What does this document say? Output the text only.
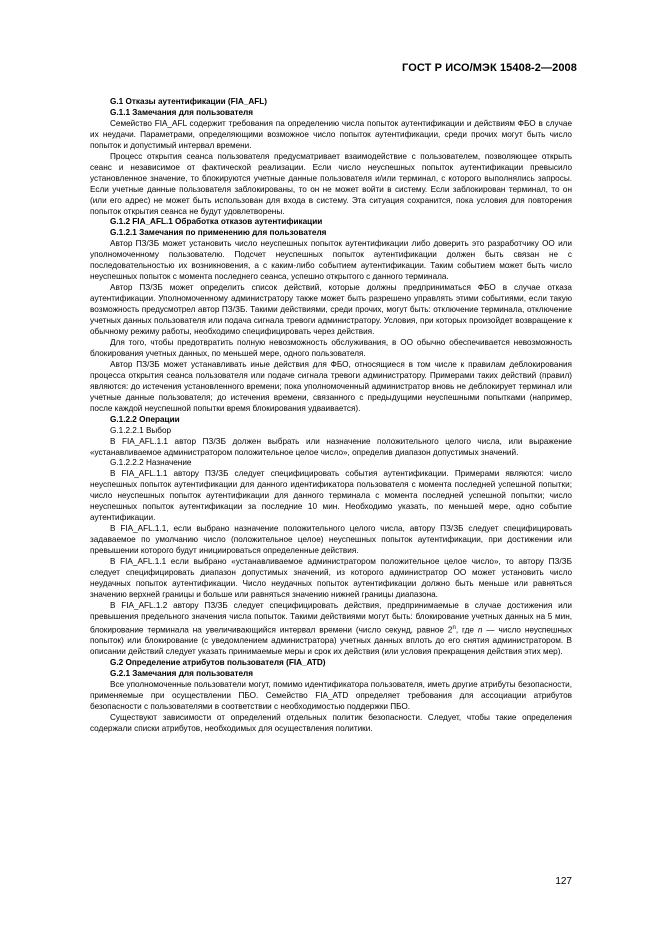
ГОСТ Р ИСО/МЭК 15408-2—2008

G.1 Отказы аутентификации (FIA_AFL)

G.1.1 Замечания для пользователя

Семейство FIA_AFL содержит требования па определению числа попыток аутентификации и действиям ФБО в случае их неудачи. Параметрами, определяющими возможное число попыток аутентификации, среди прочих могут быть число попыток и допустимый интервал времени.

Процесс открытия сеанса пользователя предусматривает взаимодействие с пользователем, позволяющее открыть сеанс и независимое от фактической реализации. Если число неуспешных попыток аутентификации превысило установленное значение, то блокируются учетные данные пользователя и/или терминал, с которого выполнялись запросы. Если учетные данные пользователя заблокированы, то он не может войти в систему. Если заблокирован терминал, то он (или его адрес) не может быть использован для входа в систему. Эта ситуация сохранится, пока условия для повторения попыток открытия сеанса не будут удовлетворены.

G.1.2 FIA_AFL.1 Обработка отказов аутентификации

G.1.2.1 Замечания по применению для пользователя

Автор ПЗ/ЗБ может установить число неуспешных попыток аутентификации либо доверить это разработчику ОО или уполномоченному пользователю. Подсчет неуспешных попыток аутентификации должен быть связан не с последовательностью их возникновения, а с каким-либо событием аутентификации. Таким событием может быть число неуспешных попыток с момента последнего сеанса, успешно открытого с данного терминала.

Автор ПЗ/ЗБ может определить список действий, которые должны предприниматься ФБО в случае отказа аутентификации. Уполномоченному администратору также может быть разрешено управлять этими событиями, если такую возможность предусмотрел автор ПЗ/ЗБ. Такими действиями, среди прочих, могут быть: отключение терминала, отключение учетных данных пользователя или подача сигнала тревоги администратору. Условия, при которых произойдет возвращение к обычному режиму работы, необходимо специфицировать через действия.

Для того, чтобы предотвратить полную невозможность обслуживания, в ОО обычно обеспечивается невозможность блокирования учетных данных, по меньшей мере, одного пользователя.

Автор ПЗ/ЗБ может устанавливать иные действия для ФБО, относящиеся в том числе к правилам деблокирования процесса открытия сеанса пользователя или подаче сигнала тревоги администратору. Примерами таких действий (правил) являются: до истечения установленного времени; пока уполномоченный администратор вновь не деблокирует терминал или учетные данные пользователя; до истечения времени, связанного с предыдущими неуспешными попытками (например, после каждой неуспешной попытки время блокирования удваивается).

G.1.2.2 Операции

G.1.2.2.1 Выбор

В FIA_AFL.1.1 автор ПЗ/ЗБ должен выбрать или назначение положительного целого числа, или выражение «устанавливаемое администратором положительное целое число», определив диапазон допустимых значений.

G.1.2.2.2 Назначение

В FIA_AFL.1.1 автору ПЗ/ЗБ следует специфицировать события аутентификации. Примерами являются: число неуспешных попыток аутентификации для данного идентификатора пользователя с момента последней успешной попытки; число неуспешных попыток аутентификации для данного терминала с момента последней успешной попытки; число неуспешных попыток аутентификации за последние 10 мин. Необходимо указать, по меньшей мере, одно событие аутентификации.

В FIA_AFL.1.1, если выбрано назначение положительного целого числа, автору ПЗ/ЗБ следует специфицировать задаваемое по умолчанию число (положительное целое) неуспешных попыток аутентификации, при достижении или превышении которого будут инициироваться определенные действия.

В FIA_AFL.1.1 если выбрано «устанавливаемое администратором положительное целое число», то автору ПЗ/ЗБ следует специфицировать диапазон допустимых значений, из которого администратор ОО может установить число неудачных попыток аутентификации. Число неудачных попыток аутентификации должно быть меньше или равняться значению верхней границы и больше или равняться значению нижней границы диапазона.

В FIA_AFL.1.2 автору ПЗ/ЗБ следует специфицировать действия, предпринимаемые в случае достижения или превышения предельного значения числа попыток. Такими действиями могут быть: блокирование учетных данных на 5 мин, блокирование терминала на увеличивающийся интервал времени (число секунд, равное 2$^n$, где n — число неуспешных попыток) или блокирование (с уведомлением администратора) учетных данных вплоть до его снятия администратором. В описании действий следует указать принимаемые меры и срок их действия (или условия прекращения действия этих мер).

G.2 Определение атрибутов пользователя (FIA_ATD)

G.2.1 Замечания для пользователя

Все уполномоченные пользователи могут, помимо идентификатора пользователя, иметь другие атрибуты безопасности, применяемые при осуществлении ПБО. Семейство FIA_ATD определяет требования для ассоциации атрибутов безопасности с пользователями в соответствии с необходимостью поддержки ПБО.

Существуют зависимости от определений отдельных политик безопасности. Следует, чтобы такие определения содержали списки атрибутов, необходимых для осуществления политики.

127
